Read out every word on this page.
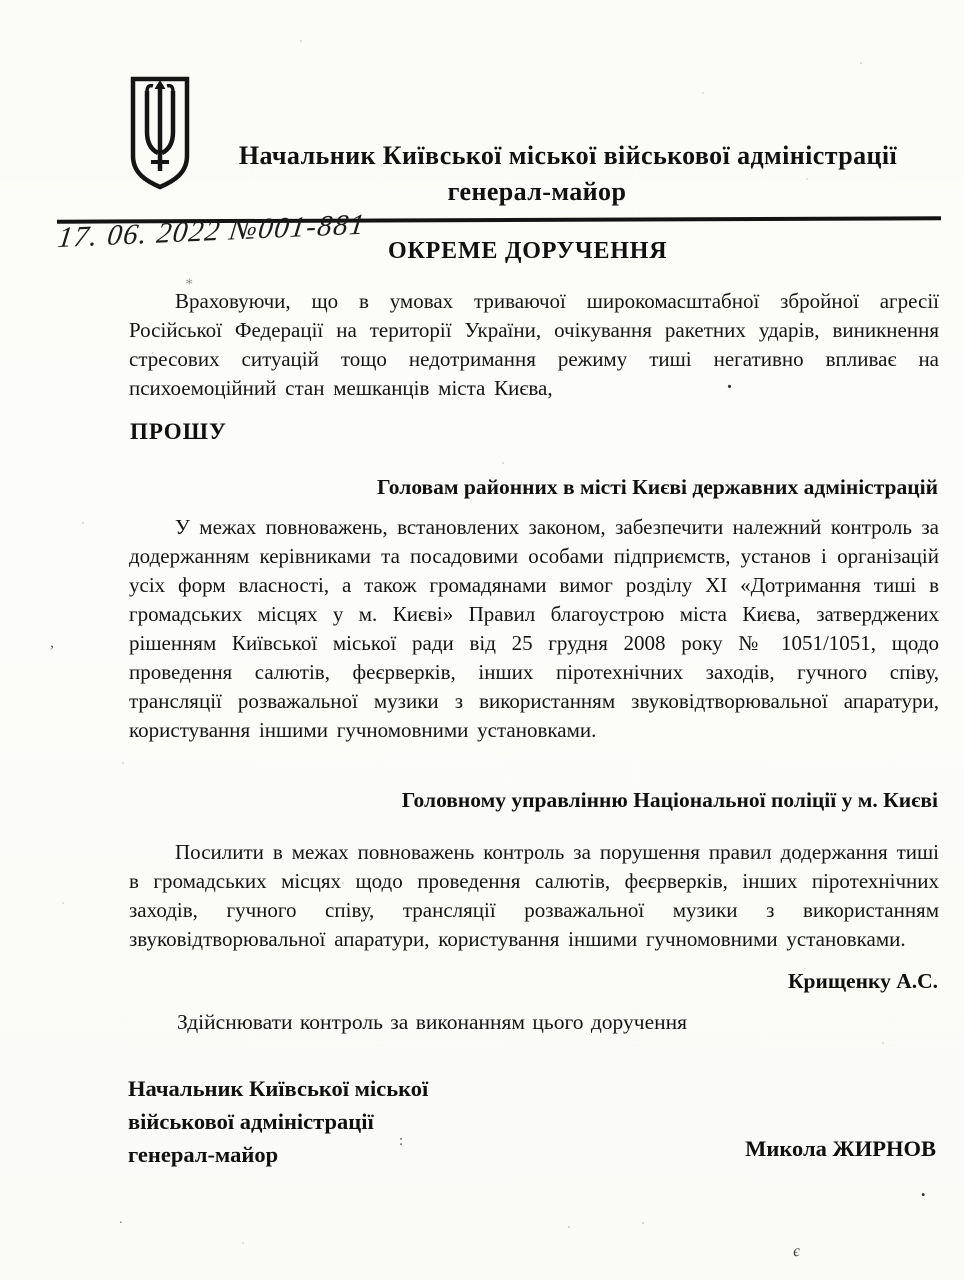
Начальник Київської міської військової адміністрації
генерал-майор
17. 06. 2022 №001-881 ОКРЕМЕ ДОРУЧЕННЯ
Враховуючи, що в умовах триваючої широкомасштабної збройної агресії Російської Федерації на території України, очікування ракетних ударів, виникнення стресових ситуацій тощо недотримання режиму тиші негативно впливає на психоемоційний стан мешканців міста Києва,
ПРОШУ
Головам районних в місті Києві державних адміністрацій
У межах повноважень, встановлених законом, забезпечити належний контроль за додержанням керівниками та посадовими особами підприємств, установ і організацій усіх форм власності, а також громадянами вимог розділу ХІ «Дотримання тиші в громадських місцях у м. Києві» Правил благоустрою міста Києва, затверджених рішенням Київської міської ради від 25 грудня 2008 року № 1051/1051, щодо проведення салютів, феєрверків, інших піротехнічних заходів, гучного співу, трансляції розважальної музики з використанням звуковідтворювальної апаратури, користування іншими гучномовними установками.
Головному управлінню Національної поліції у м. Києві
Посилити в межах повноважень контроль за порушення правил додержання тиші в громадських місцях щодо проведення салютів, феєрверків, інших піротехнічних заходів, гучного співу, трансляції розважальної музики з використанням звуковідтворювальної апаратури, користування іншими гучномовними установками.
Крищенку А.С.
Здійснювати контроль за виконанням цього доручення
Начальник Київської міської
військової адміністрації
генерал-майор	Микола ЖИРНОВ
⁎
.
,
:
.
.
є
